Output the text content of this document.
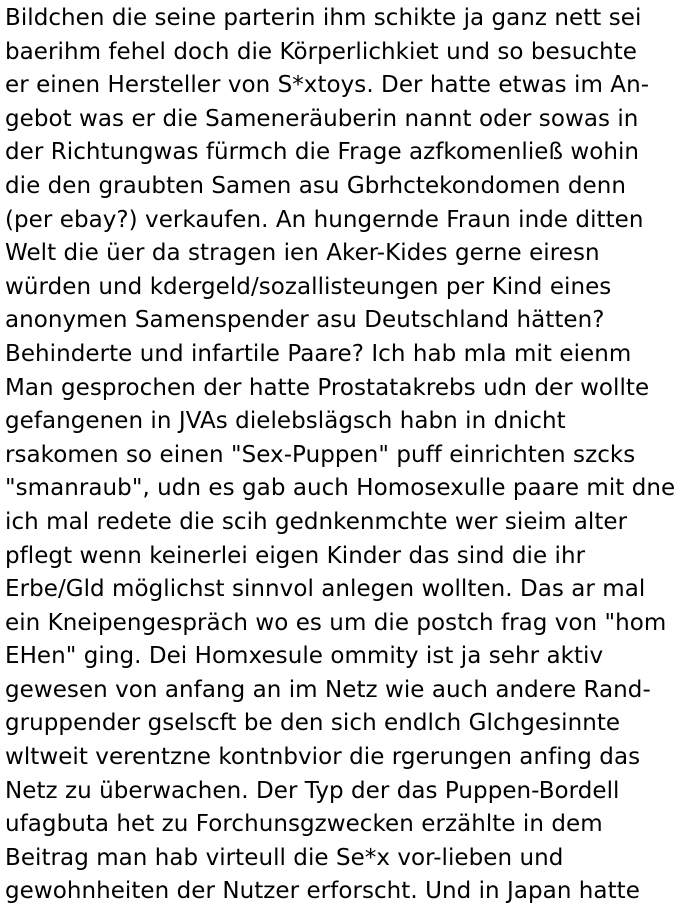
Bildchen die seine parterin ihm schikte ja ganz nett sei
baerihm fehel doch die Körperlichkiet und so besuchte
er einen Hersteller von S*xtoys. Der hatte etwas im An-
gebot was er die Sameneräuberin nannt oder sowas in
der Richtungwas fürmch die Frage azfkomenließ wohin
die den graubten Samen asu Gbrhctekondomen denn
(per ebay?) verkaufen. An hungernde Fraun inde ditten
Welt die üer da stragen ien Aker-Kides gerne eiresn
würden und kdergeld/sozallisteungen per Kind eines
anonymen Samenspender asu Deutschland hätten?
Behinderte und infartile Paare? Ich hab mla mit eienm
Man gesprochen der hatte Prostatakrebs udn der wollte
gefangenen in JVAs dielebslägsch habn in dnicht
rsakomen so einen "Sex-Puppen" puff einrichten szcks
"smanraub", udn es gab auch Homosexulle paare mit dne
ich mal redete die scih gednkenmchte wer sieim alter
pflegt wenn keinerlei eigen Kinder das sind die ihr
Erbe/Gld möglichst sinnvol anlegen wollten. Das ar mal
ein Kneipengespräch wo es um die postch frag von "hom
EHen" ging. Dei Homxesule ommity ist ja sehr aktiv
gewesen von anfang an im Netz wie auch andere Rand-
gruppender gselscft be den sich endlch Glchgesinnte
wltweit verentzne kontnbvior die rgerungen anfing das
Netz zu überwachen. Der Typ der das Puppen-Bordell
ufagbuta het zu Forchunsgzwecken erzählte in dem
Beitrag man hab virteull die Se*x vor-lieben und
gewohnheiten der Nutzer erforscht. Und in Japan hatte
